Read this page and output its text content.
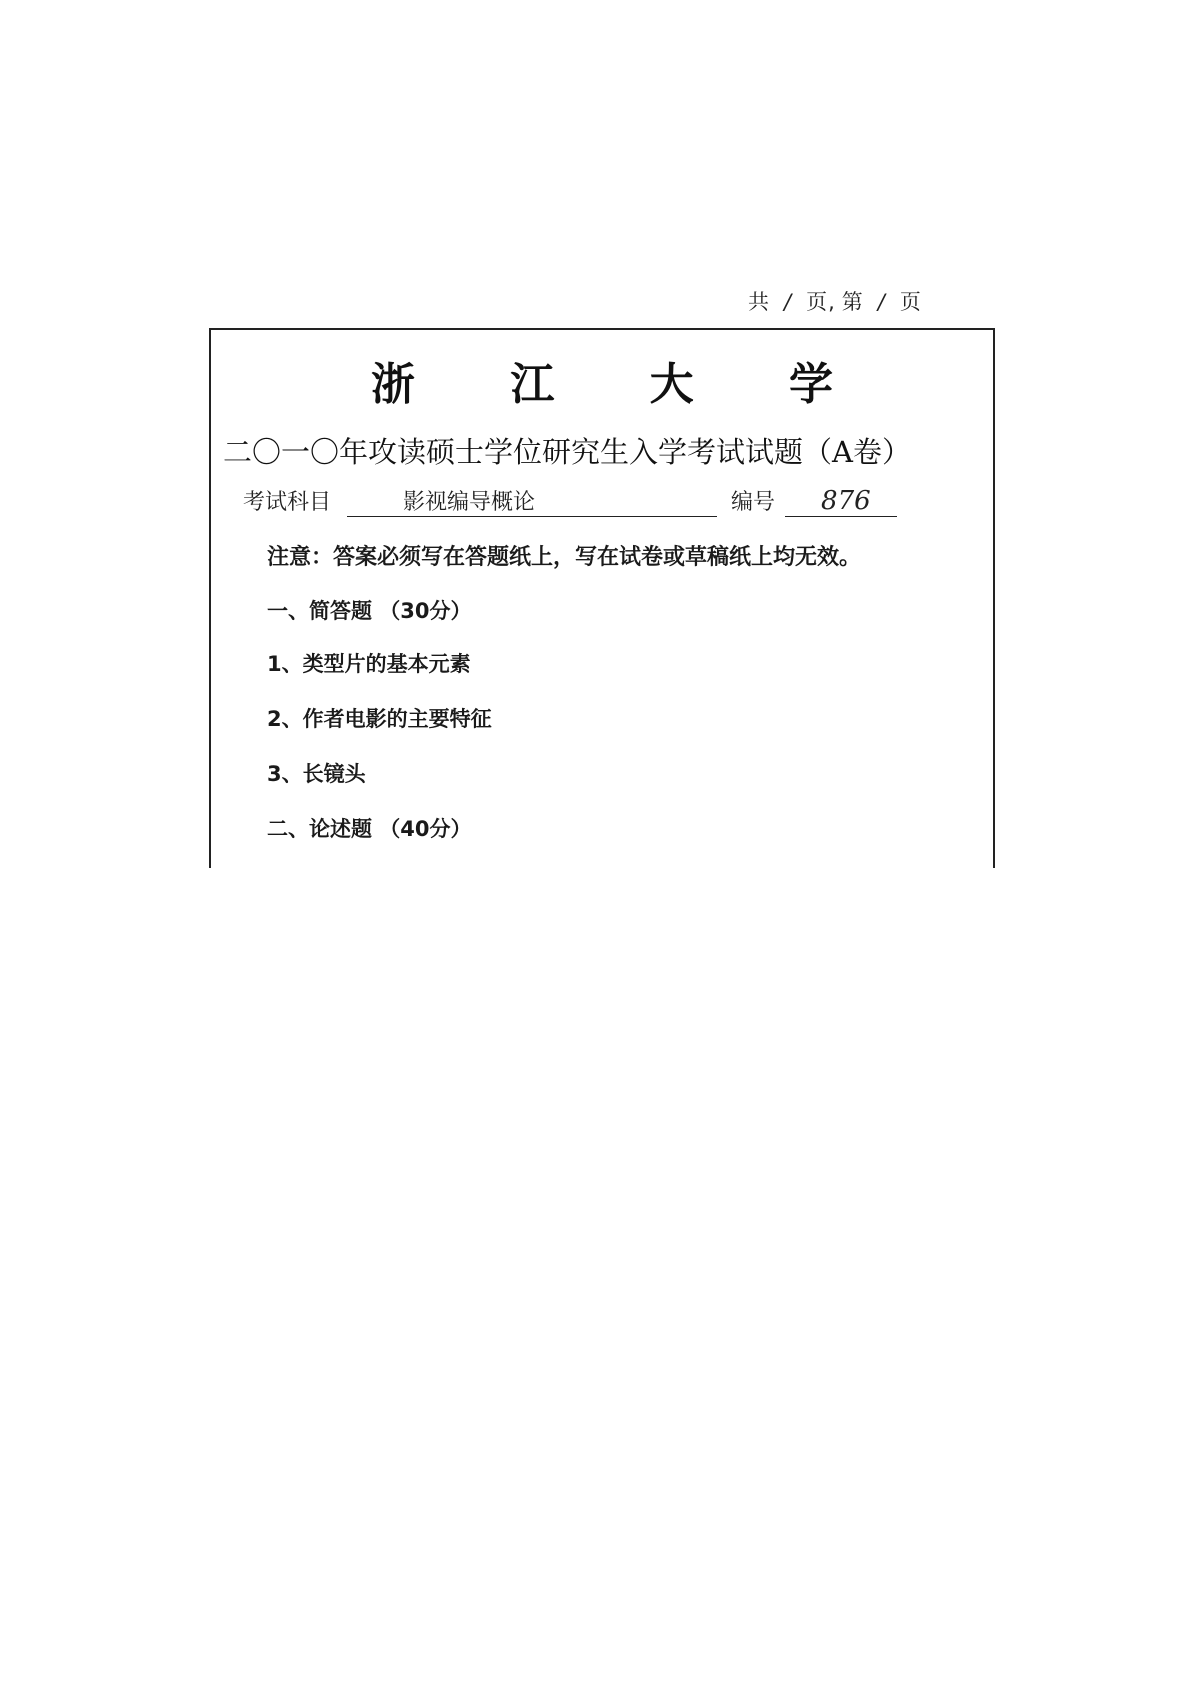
共 / 页, 第 / 页
浙 江 大 学
二〇一〇年攻读硕士学位研究生入学考试试题（A卷）
考试科目	影视编导概论	编号 876
注意：答案必须写在答题纸上，写在试卷或草稿纸上均无效。
一、简答题 （30分）
1、类型片的基本元素
2、作者电影的主要特征
3、长镜头
二、论述题 （40分）
